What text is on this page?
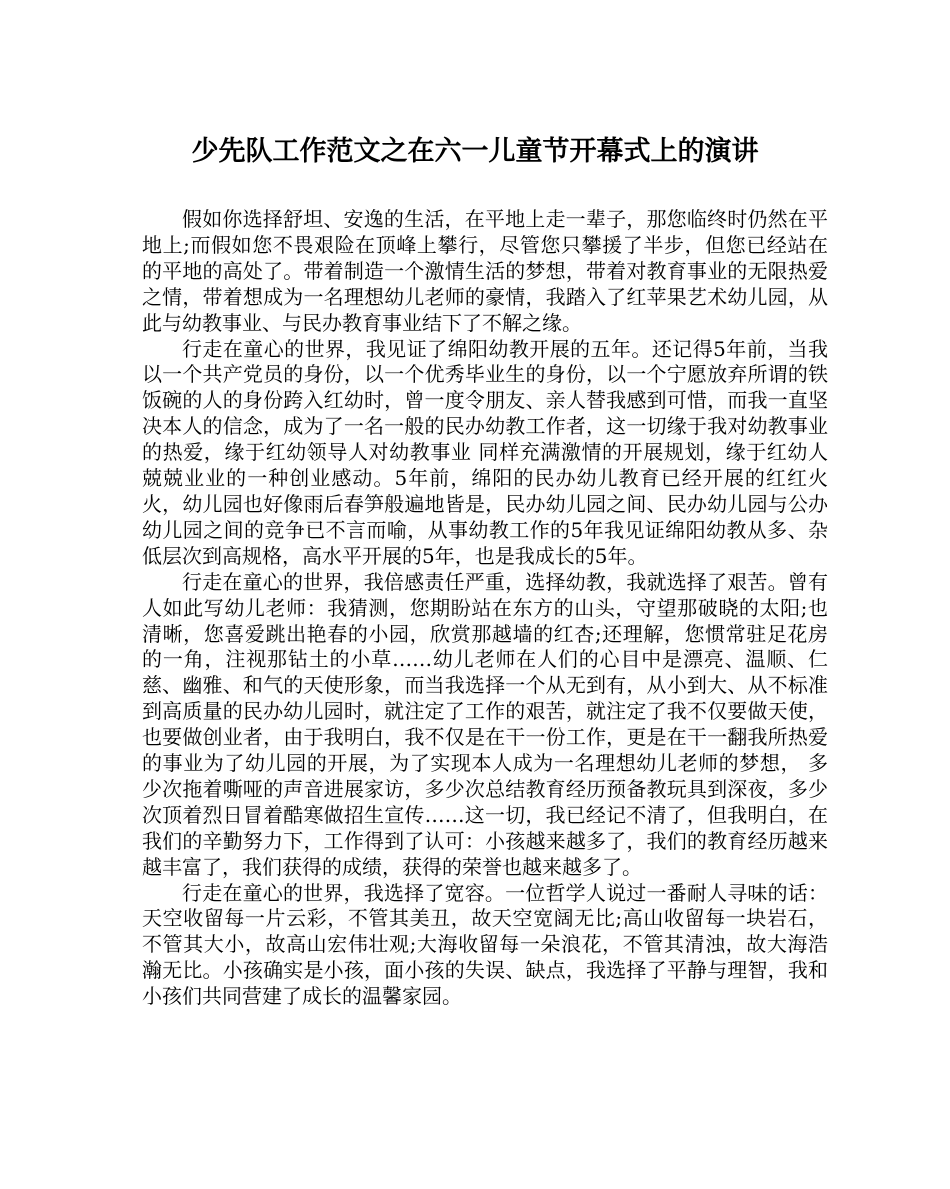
少先队工作范文之在六一儿童节开幕式上的演讲

假如你选择舒坦、安逸的生活，在平地上走一辈子，那您临终时仍然在平地上;而假如您不畏艰险在顶峰上攀行，尽管您只攀援了半步，但您已经站在的平地的高处了。带着制造一个激情生活的梦想，带着对教育事业的无限热爱之情，带着想成为一名理想幼儿老师的豪情，我踏入了红苹果艺术幼儿园，从此与幼教事业、与民办教育事业结下了不解之缘。

行走在童心的世界，我见证了绵阳幼教开展的五年。还记得5年前，当我以一个共产党员的身份，以一个优秀毕业生的身份，以一个宁愿放弃所谓的铁饭碗的人的身份跨入红幼时，曾一度令朋友、亲人替我感到可惜，而我一直坚决本人的信念，成为了一名一般的民办幼教工作者，这一切缘于我对幼教事业的热爱，缘于红幼领导人对幼教事业 同样充满激情的开展规划，缘于红幼人兢兢业业的一种创业感动。5年前，绵阳的民办幼儿教育已经开展的红红火火，幼儿园也好像雨后春笋般遍地皆是，民办幼儿园之间、民办幼儿园与公办幼儿园之间的竞争已不言而喻，从事幼教工作的5年我见证绵阳幼教从多、杂低层次到高规格，高水平开展的5年，也是我成长的5年。

行走在童心的世界，我倍感责任严重，选择幼教，我就选择了艰苦。曾有人如此写幼儿老师：我猜测，您期盼站在东方的山头，守望那破晓的太阳;也清晰，您喜爱跳出艳春的小园，欣赏那越墙的红杏;还理解，您惯常驻足花房的一角，注视那钻土的小草……幼儿老师在人们的心目中是漂亮、温顺、仁慈、幽雅、和气的天使形象，而当我选择一个从无到有，从小到大、从不标准到高质量的民办幼儿园时，就注定了工作的艰苦，就注定了我不仅要做天使，也要做创业者，由于我明白，我不仅是在干一份工作，更是在干一翻我所热爱的事业为了幼儿园的开展，为了实现本人成为一名理想幼儿老师的梦想， 多少次拖着嘶哑的声音进展家访，多少次总结教育经历预备教玩具到深夜，多少次顶着烈日冒着酷寒做招生宣传……这一切，我已经记不清了，但我明白，在我们的辛勤努力下，工作得到了认可：小孩越来越多了，我们的教育经历越来越丰富了，我们获得的成绩，获得的荣誉也越来越多了。

行走在童心的世界，我选择了宽容。一位哲学人说过一番耐人寻味的话：天空收留每一片云彩，不管其美丑，故天空宽阔无比;高山收留每一块岩石，不管其大小，故高山宏伟壮观;大海收留每一朵浪花，不管其清浊，故大海浩瀚无比。小孩确实是小孩，面小孩的失误、缺点，我选择了平静与理智，我和小孩们共同营建了成长的温馨家园。
